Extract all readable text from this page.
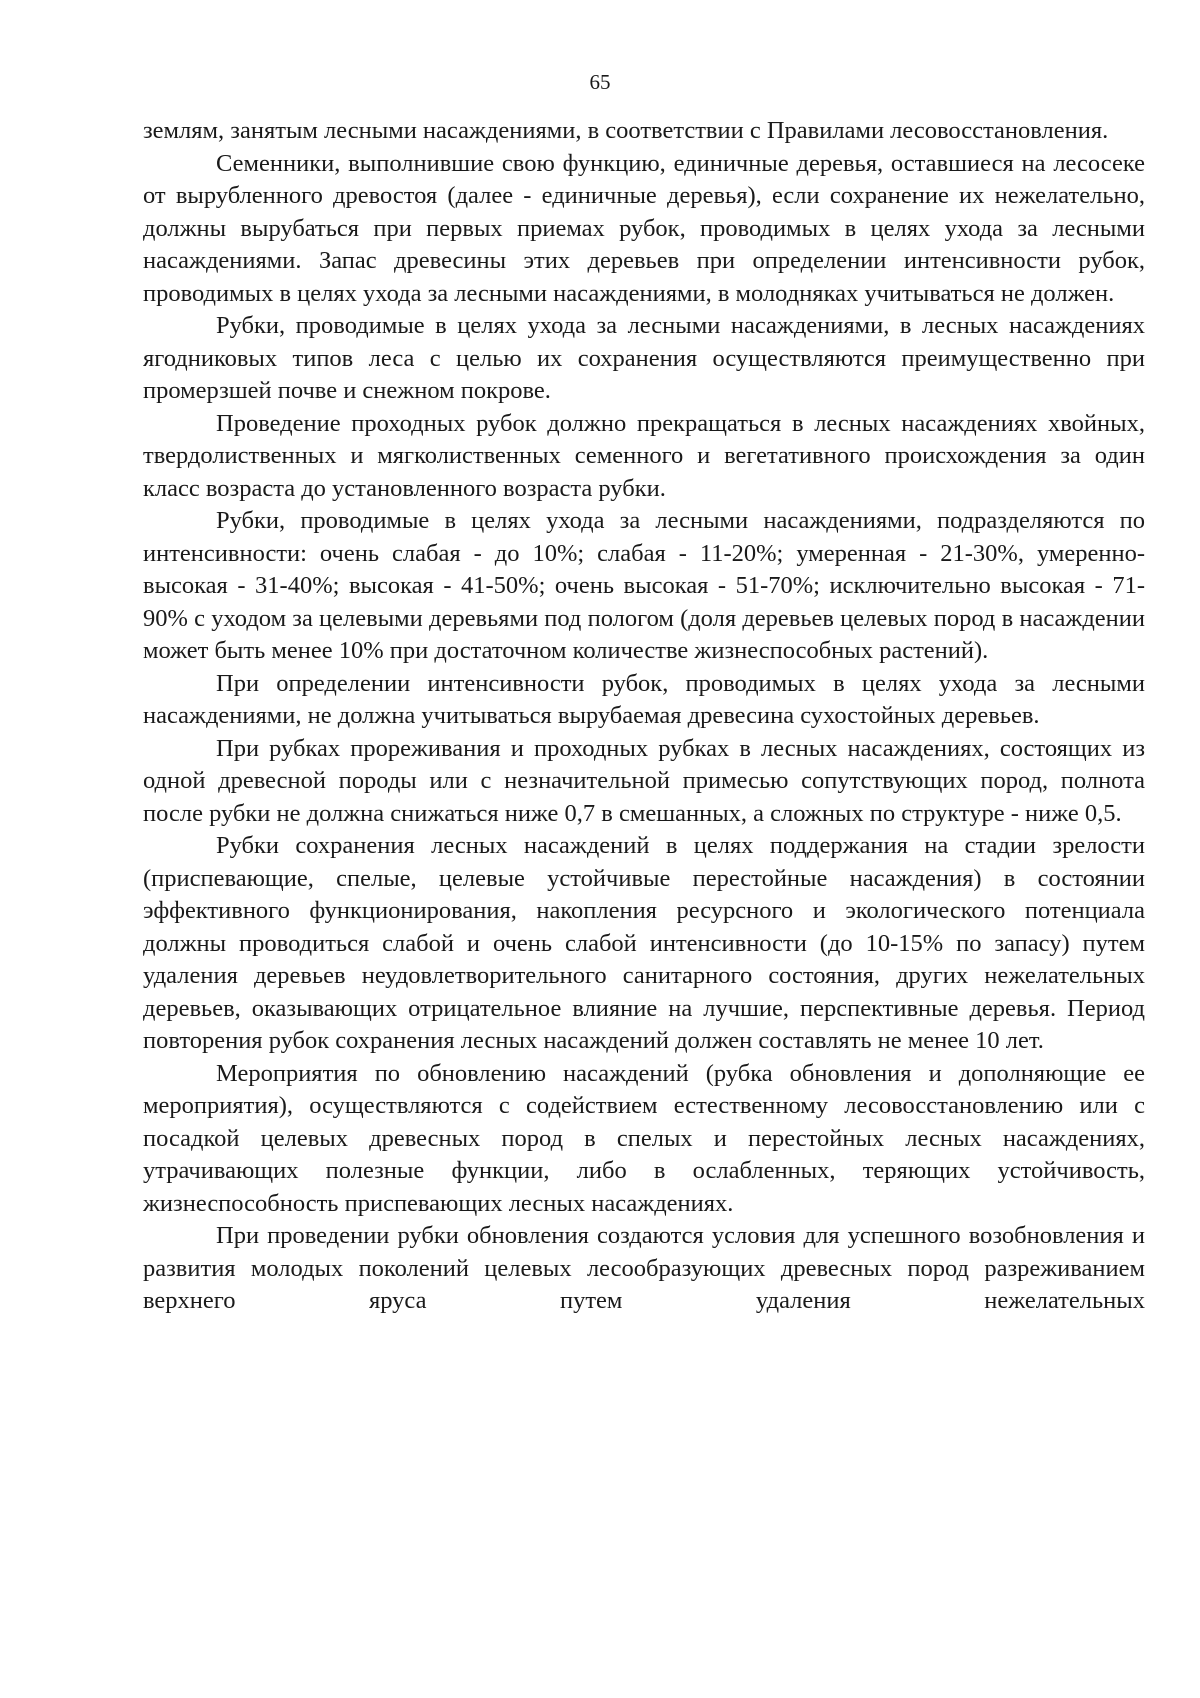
65

землям, занятым лесными насаждениями, в соответствии с Правилами лесовосстановления.

Семенники, выполнившие свою функцию, единичные деревья, оставшиеся на лесосеке от вырубленного древостоя (далее - единичные деревья), если сохранение их нежелательно, должны вырубаться при первых приемах рубок, проводимых в целях ухода за лесными насаждениями. Запас древесины этих деревьев при определении интенсивности рубок, проводимых в целях ухода за лесными насаждениями, в молодняках учитываться не должен.

Рубки, проводимые в целях ухода за лесными насаждениями, в лесных насаждениях ягодниковых типов леса с целью их сохранения осуществляются преимущественно при промерзшей почве и снежном покрове.

Проведение проходных рубок должно прекращаться в лесных насаждениях хвойных, твердолиственных и мягколиственных семенного и вегетативного происхождения за один класс возраста до установленного возраста рубки.

Рубки, проводимые в целях ухода за лесными насаждениями, подразделяются по интенсивности: очень слабая - до 10%; слабая - 11-20%; умеренная - 21-30%, умеренно-высокая - 31-40%; высокая - 41-50%; очень высокая - 51-70%; исключительно высокая - 71-90% с уходом за целевыми деревьями под пологом (доля деревьев целевых пород в насаждении может быть менее 10% при достаточном количестве жизнеспособных растений).

При определении интенсивности рубок, проводимых в целях ухода за лесными насаждениями, не должна учитываться вырубаемая древесина сухостойных деревьев.

При рубках прореживания и проходных рубках в лесных насаждениях, состоящих из одной древесной породы или с незначительной примесью сопутствующих пород, полнота после рубки не должна снижаться ниже 0,7 в смешанных, а сложных по структуре - ниже 0,5.

Рубки сохранения лесных насаждений в целях поддержания на стадии зрелости (приспевающие, спелые, целевые устойчивые перестойные насаждения) в состоянии эффективного функционирования, накопления ресурсного и экологического потенциала должны проводиться слабой и очень слабой интенсивности (до 10-15% по запасу) путем удаления деревьев неудовлетворительного санитарного состояния, других нежелательных деревьев, оказывающих отрицательное влияние на лучшие, перспективные деревья. Период повторения рубок сохранения лесных насаждений должен составлять не менее 10 лет.

Мероприятия по обновлению насаждений (рубка обновления и дополняющие ее мероприятия), осуществляются с содействием естественному лесовосстановлению или с посадкой целевых древесных пород в спелых и перестойных лесных насаждениях, утрачивающих полезные функции, либо в ослабленных, теряющих устойчивость, жизнеспособность приспевающих лесных насаждениях.

При проведении рубки обновления создаются условия для успешного возобновления и развития молодых поколений целевых лесообразующих древесных пород разреживанием верхнего яруса путем удаления нежелательных
